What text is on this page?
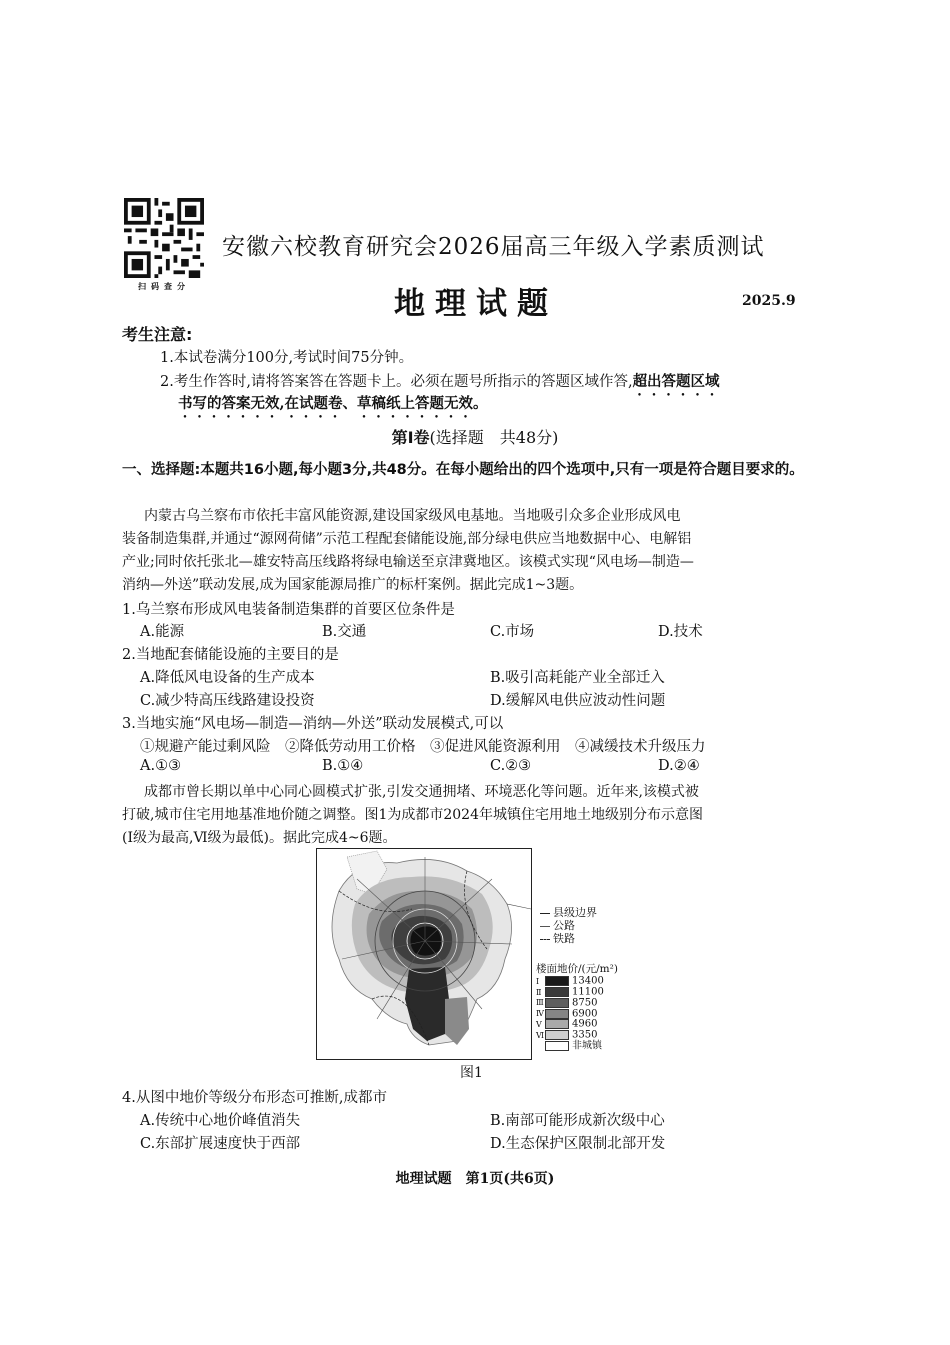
扫码查分
安徽六校教育研究会2026届高三年级入学素质测试
地理试题	2025.9
考生注意:
1.本试卷满分100分,考试时间75分钟。
2.考生作答时,请将答案答在答题卡上。必须在题号所指示的答题区域作答,超出答题区域
书写的答案无效,在试题卷、草稿纸上答题无效。
第Ⅰ卷(选择题　共48分)
一、选择题:本题共16小题,每小题3分,共48分。在每小题给出的四个选项中,只有一项是符合题目要求的。
内蒙古乌兰察布市依托丰富风能资源,建设国家级风电基地。当地吸引众多企业形成风电
装备制造集群,并通过“源网荷储”示范工程配套储能设施,部分绿电供应当地数据中心、电解铝
产业;同时依托张北—雄安特高压线路将绿电输送至京津冀地区。该模式实现“风电场—制造—
消纳—外送”联动发展,成为国家能源局推广的标杆案例。据此完成1~3题。
1.乌兰察布形成风电装备制造集群的首要区位条件是
A.能源	B.交通	C.市场	D.技术
2.当地配套储能设施的主要目的是
A.降低风电设备的生产成本	B.吸引高耗能产业全部迁入
C.减少特高压线路建设投资	D.缓解风电供应波动性问题
3.当地实施“风电场—制造—消纳—外送”联动发展模式,可以
①规避产能过剩风险　②降低劳动用工价格　③促进风能资源利用　④减缓技术升级压力
A.①③	B.①④	C.②③	D.②④
成都市曾长期以单中心同心圆模式扩张,引发交通拥堵、环境恶化等问题。近年来,该模式被
打破,城市住宅用地基准地价随之调整。图1为成都市2024年城镇住宅用地土地级别分布示意图
(Ⅰ级为最高,Ⅵ级为最低)。据此完成4~6题。
县级边界
公路
铁路
楼面地价/(元/m²)
Ⅰ	13400
Ⅱ	11100
Ⅲ	8750
Ⅳ	6900
Ⅴ	4960
Ⅵ	3350
非城镇
图1
4.从图中地价等级分布形态可推断,成都市
A.传统中心地价峰值消失	B.南部可能形成新次级中心
C.东部扩展速度快于西部	D.生态保护区限制北部开发
地理试题　第1页(共6页)
